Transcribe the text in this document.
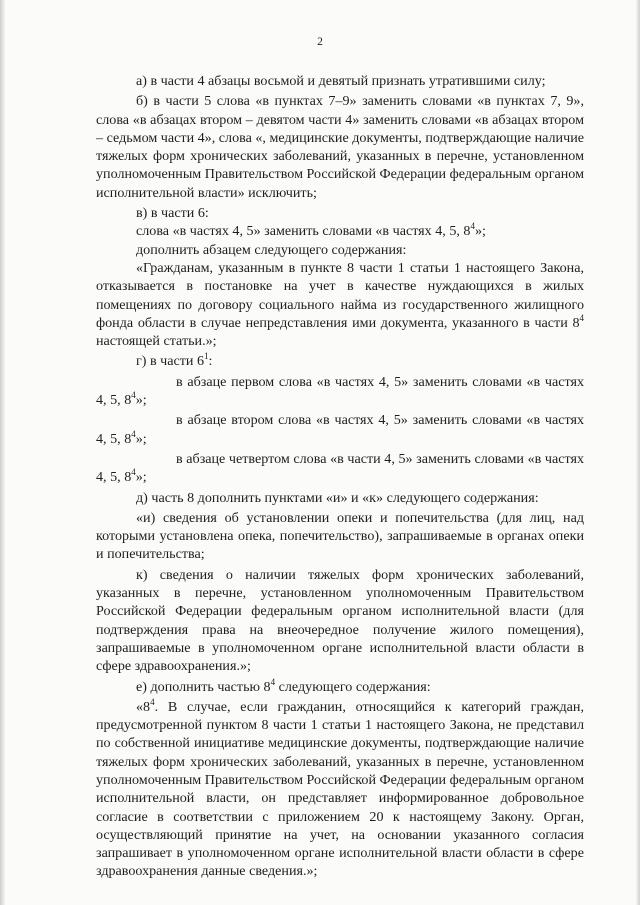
2

а) в части 4 абзацы восьмой и девятый признать утратившими силу;

б) в части 5 слова «в пунктах 7–9» заменить словами «в пунктах 7, 9», слова «в абзацах втором – девятом части 4» заменить словами «в абзацах втором – седьмом части 4», слова «, медицинские документы, подтверждающие наличие тяжелых форм хронических заболеваний, указанных в перечне, установленном уполномоченным Правительством Российской Федерации федеральным органом исполнительной власти» исключить;

в) в части 6:

слова «в частях 4, 5» заменить словами «в частях 4, 5, $8^4$»;

дополнить абзацем следующего содержания:

«Гражданам, указанным в пункте 8 части 1 статьи 1 настоящего Закона, отказывается в постановке на учет в качестве нуждающихся в жилых помещениях по договору социального найма из государственного жилищного фонда области в случае непредставления ими документа, указанного в части $8^4$ настоящей статьи.»;

г) в части $6^1$:

в абзаце первом слова «в частях 4, 5» заменить словами «в частях 4, 5, $8^4$»;

в абзаце втором слова «в частях 4, 5» заменить словами «в частях 4, 5, $8^4$»;

в абзаце четвертом слова «в части 4, 5» заменить словами «в частях 4, 5, $8^4$»;

д) часть 8 дополнить пунктами «и» и «к» следующего содержания:

«и) сведения об установлении опеки и попечительства (для лиц, над которыми установлена опека, попечительство), запрашиваемые в органах опеки и попечительства;

к) сведения о наличии тяжелых форм хронических заболеваний, указанных в перечне, установленном уполномоченным Правительством Российской Федерации федеральным органом исполнительной власти (для подтверждения права на внеочередное получение жилого помещения), запрашиваемые в уполномоченном органе исполнительной власти области в сфере здравоохранения.»;

е) дополнить частью $8^4$ следующего содержания:

«$8^4$. В случае, если гражданин, относящийся к категорий граждан, предусмотренной пунктом 8 части 1 статьи 1 настоящего Закона, не представил по собственной инициативе медицинские документы, подтверждающие наличие тяжелых форм хронических заболеваний, указанных в перечне, установленном уполномоченным Правительством Российской Федерации федеральным органом исполнительной власти, он представляет информированное добровольное согласие в соответствии с приложением 20 к настоящему Закону. Орган, осуществляющий принятие на учет, на основании указанного согласия запрашивает в уполномоченном органе исполнительной власти области в сфере здравоохранения данные сведения.»;
